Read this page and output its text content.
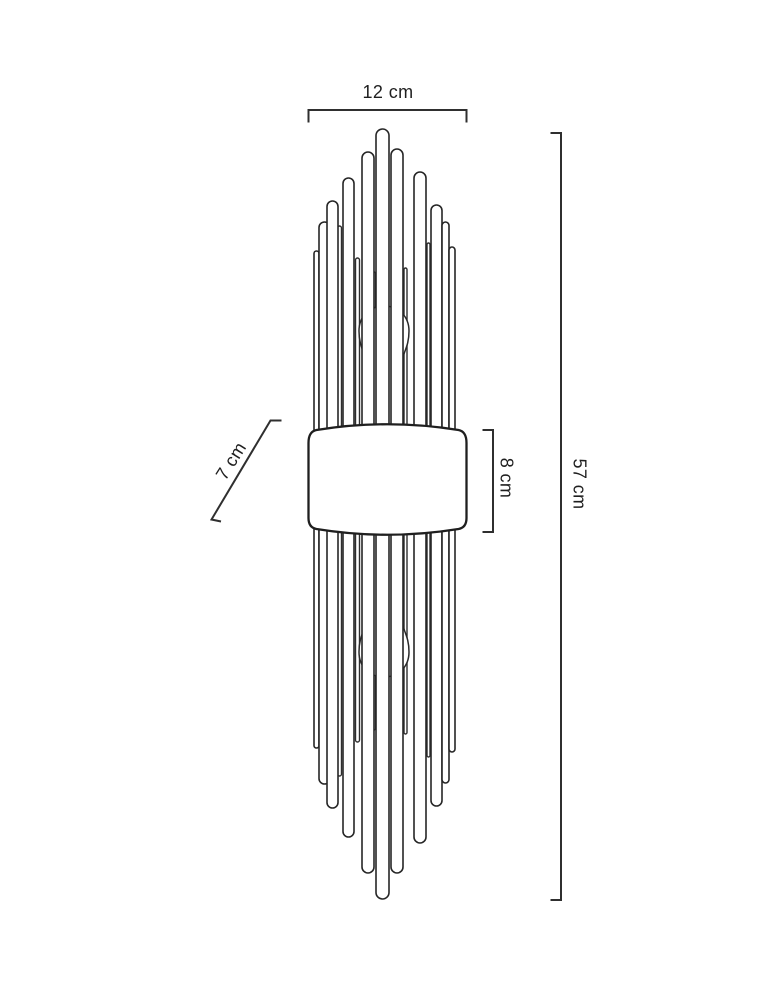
12 cm
57 cm
8 cm
7 cm
